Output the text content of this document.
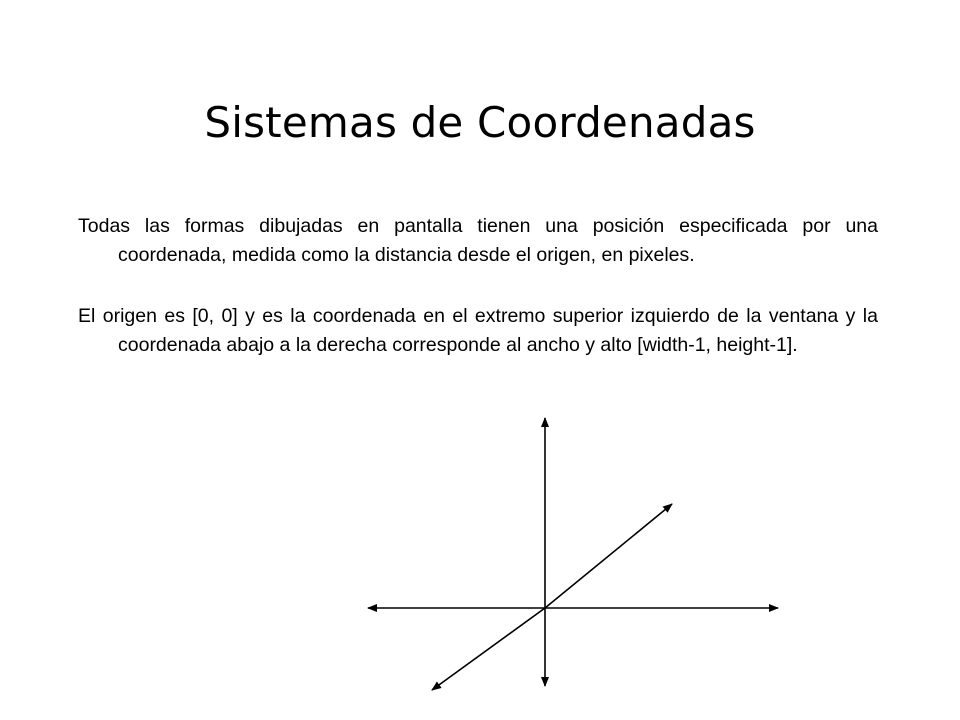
Sistemas de Coordenadas

Todas las formas dibujadas en pantalla tienen una posición especificada por una coordenada, medida como la distancia desde el origen, en pixeles.

El origen es [0, 0] y es la coordenada en el extremo superior izquierdo de la ventana y la coordenada abajo a la derecha corresponde al ancho y alto [width-1, height-1].
